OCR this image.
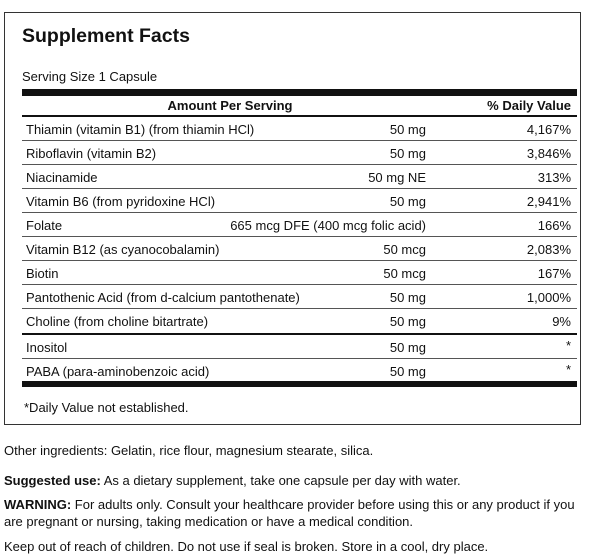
Supplement Facts
Serving Size 1 Capsule
Amount Per Serving	% Daily Value
Thiamin (vitamin B1) (from thiamin HCl)	50 mg	4,167%
Riboflavin (vitamin B2)	50 mg	3,846%
Niacinamide	50 mg NE	313%
Vitamin B6 (from pyridoxine HCl)	50 mg	2,941%
Folate	665 mcg DFE (400 mcg folic acid)	166%
Vitamin B12 (as cyanocobalamin)	50 mcg	2,083%
Biotin	50 mcg	167%
Pantothenic Acid (from d-calcium pantothenate)	50 mg	1,000%
Choline (from choline bitartrate)	50 mg	9%
Inositol	50 mg	*
PABA (para-aminobenzoic acid)	50 mg	*
*Daily Value not established.
Other ingredients: Gelatin, rice flour, magnesium stearate, silica.
Suggested use: As a dietary supplement, take one capsule per day with water.
WARNING: For adults only. Consult your healthcare provider before using this or any product if you are pregnant or nursing, taking medication or have a medical condition.
Keep out of reach of children. Do not use if seal is broken. Store in a cool, dry place.
